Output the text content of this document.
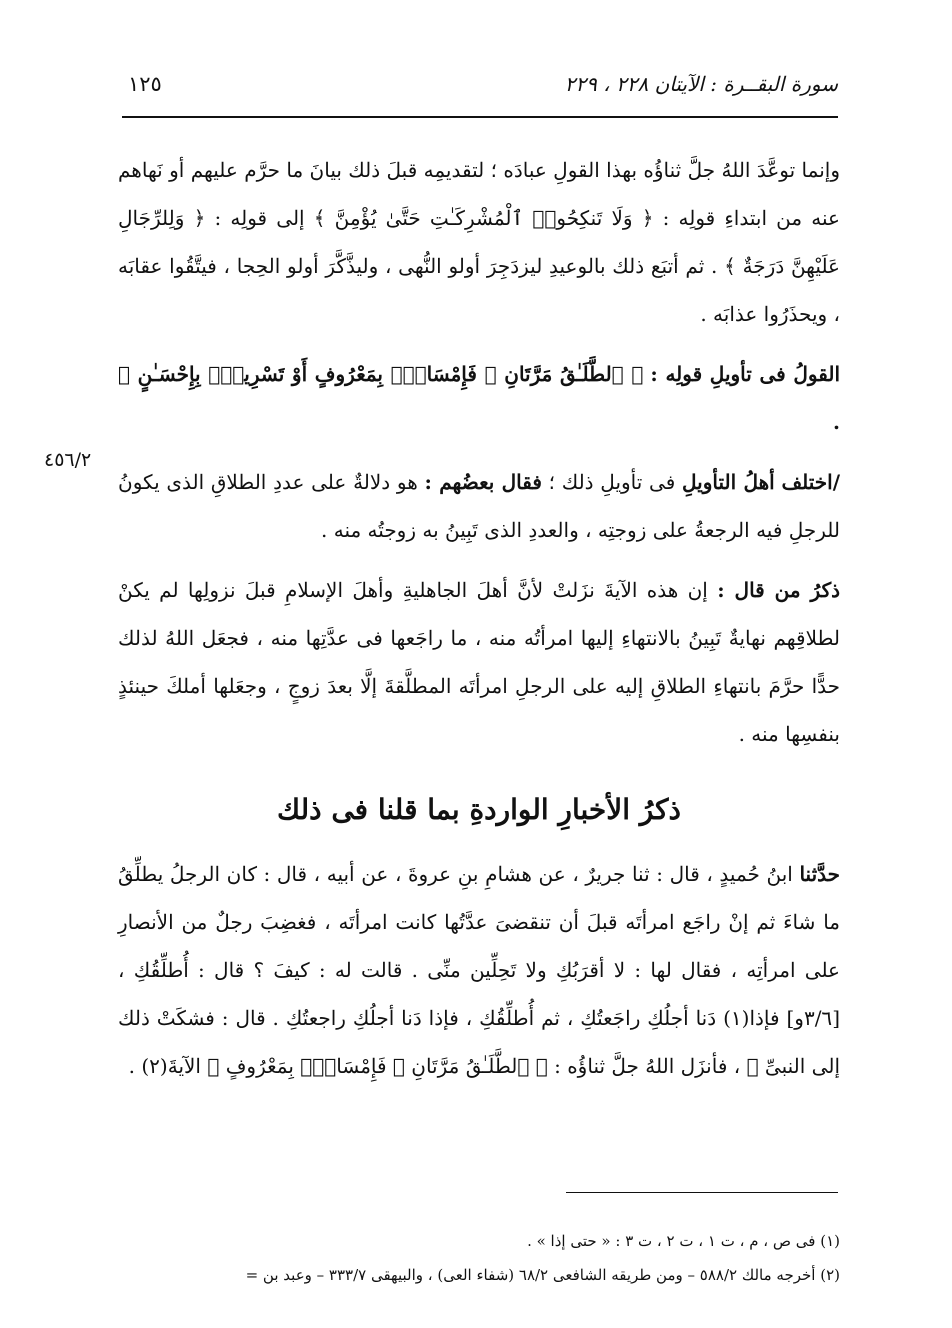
١٢٥	سورة البقــرة : الآيتان ٢٢٨ ، ٢٢٩

وإنما توعَّدَ اللهُ جلَّ ثناؤُه بهذا القولِ عبادَه ؛ لتقديمِه قبلَ ذلك بيانَ ما حرَّم عليهم أو نَهاهم عنه من ابتداءِ قولِه : ﴿ وَلَا تَنكِحُوا۟ ٱلْمُشْرِكَـٰتِ حَتَّىٰ يُؤْمِنَّ ﴾ إلى قولِه : ﴿ وَلِلرِّجَالِ عَلَيْهِنَّ دَرَجَةٌ ﴾ . ثم أتبَع ذلك بالوعيدِ ليزدَجِرَ أولو النُّهى ، وليذَّكَّرَ أولو الحِجا ، فيتَّقُوا عقابَه ، ويحذَرُوا عذابَه .

القولُ فى تأويلِ قولِه : ﴿ ٱلطَّلَـٰقُ مَرَّتَانِ ۖ فَإِمْسَاكٌۢ بِمَعْرُوفٍ أَوْ تَسْرِيحٌۢ بِإِحْسَـٰنٍ ﴾ .

/اختلف أهلُ التأويلِ فى تأويلِ ذلك ؛ فقال بعضُهم : هو دلالةٌ على عددِ الطلاقِ الذى يكونُ للرجلِ فيه الرجعةُ على زوجتِه ، والعددِ الذى تَبِينُ به زوجتُه منه .

ذكرُ من قال : إن هذه الآيةَ نزَلتْ لأنَّ أهلَ الجاهليةِ وأهلَ الإسلامِ قبلَ نزولِها لم يكنْ لطلاقِهم نهايةٌ تَبِينُ بالانتهاءِ إليها امرأتُه منه ، ما راجَعها فى عدَّتِها منه ، فجعَل اللهُ لذلك حدًّا حرَّمَ بانتهاءِ الطلاقِ إليه على الرجلِ امرأتَه المطلَّقةَ إلَّا بعدَ زوجٍ ، وجعَلها أملكَ حينئذٍ بنفسِها منه .

٤٥٦/٢
ذكرُ الأخبارِ الواردةِ بما قلنا فى ذلك
حدَّثنا ابنُ حُميدٍ ، قال : ثنا جريرٌ ، عن هشامِ بنِ عروةَ ، عن أبيه ، قال : كان الرجلُ يطلِّقُ ما شاءَ ثم إنْ راجَع امرأتَه قبلَ أن تنقضىَ عدَّتُها كانت امرأتَه ، فغضِبَ رجلٌ من الأنصارِ على امرأتِه ، فقال لها : لا أقرَبُكِ ولا تَحِلِّين منِّى . قالت له : كيفَ ؟ قال : أُطلِّقُكِ ، [٣/٦و] فإذا(١) دَنا أجلُكِ راجَعتُكِ ، ثم أُطلِّقُكِ ، فإذا دَنا أجلُكِ راجعتُكِ . قال : فشكَتْ ذلك إلى النبىِّ ﷺ ، فأنزَل اللهُ جلَّ ثناؤُه : ﴿ ٱلطَّلَـٰقُ مَرَّتَانِ ۖ فَإِمْسَاكٌۢ بِمَعْرُوفٍ ﴾ الآيةَ(٢) .

(١) فى ص ، م ، ت ١ ، ت ٢ ، ت ٣ : « حتى إذا » .

(٢) أخرجه مالك ٥٨٨/٢ – ومن طريقه الشافعى ٦٨/٢ (شفاء العى) ، والبيهقى ٣٣٣/٧ – وعبد بن =
